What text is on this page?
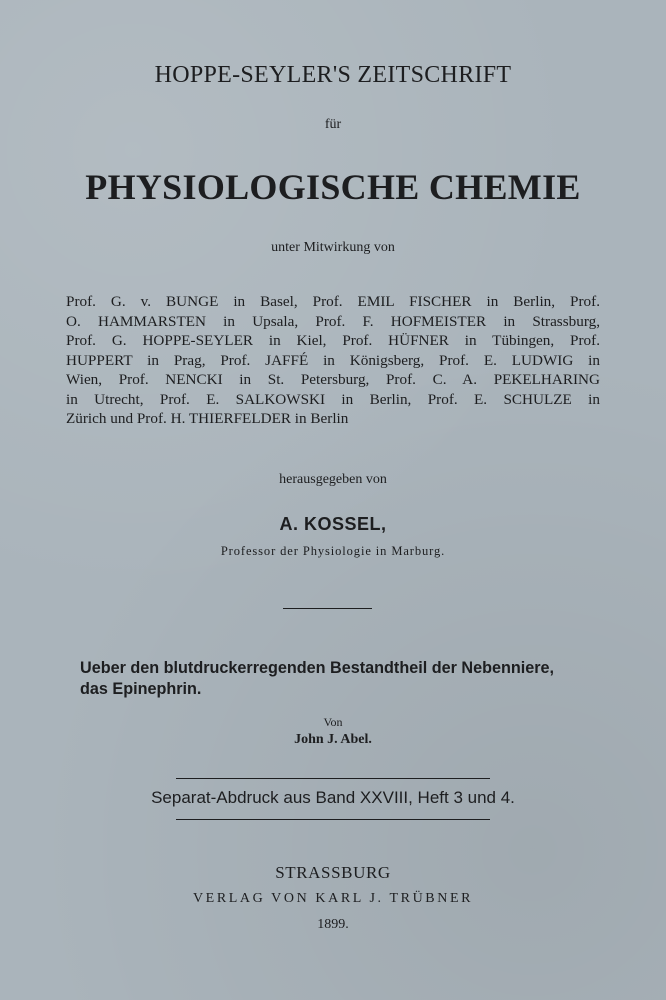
HOPPE-SEYLER'S ZEITSCHRIFT
für
PHYSIOLOGISCHE CHEMIE
unter Mitwirkung von
Prof. G. v. BUNGE in Basel, Prof. EMIL FISCHER in Berlin, Prof.
O. HAMMARSTEN in Upsala, Prof. F. HOFMEISTER in Strassburg,
Prof. G. HOPPE-SEYLER in Kiel, Prof. HÜFNER in Tübingen, Prof.
HUPPERT in Prag, Prof. JAFFÉ in Königsberg, Prof. E. LUDWIG in
Wien, Prof. NENCKI in St. Petersburg, Prof. C. A. PEKELHARING
in Utrecht, Prof. E. SALKOWSKI in Berlin, Prof. E. SCHULZE in
Zürich und Prof. H. THIERFELDER in Berlin
herausgegeben von
A. KOSSEL,
Professor der Physiologie in Marburg.
Ueber den blutdruckerregenden Bestandtheil der Nebenniere,
das Epinephrin.
Von
John J. Abel.
Separat-Abdruck aus Band XXVIII, Heft 3 und 4.
STRASSBURG
VERLAG VON KARL J. TRÜBNER
1899.
